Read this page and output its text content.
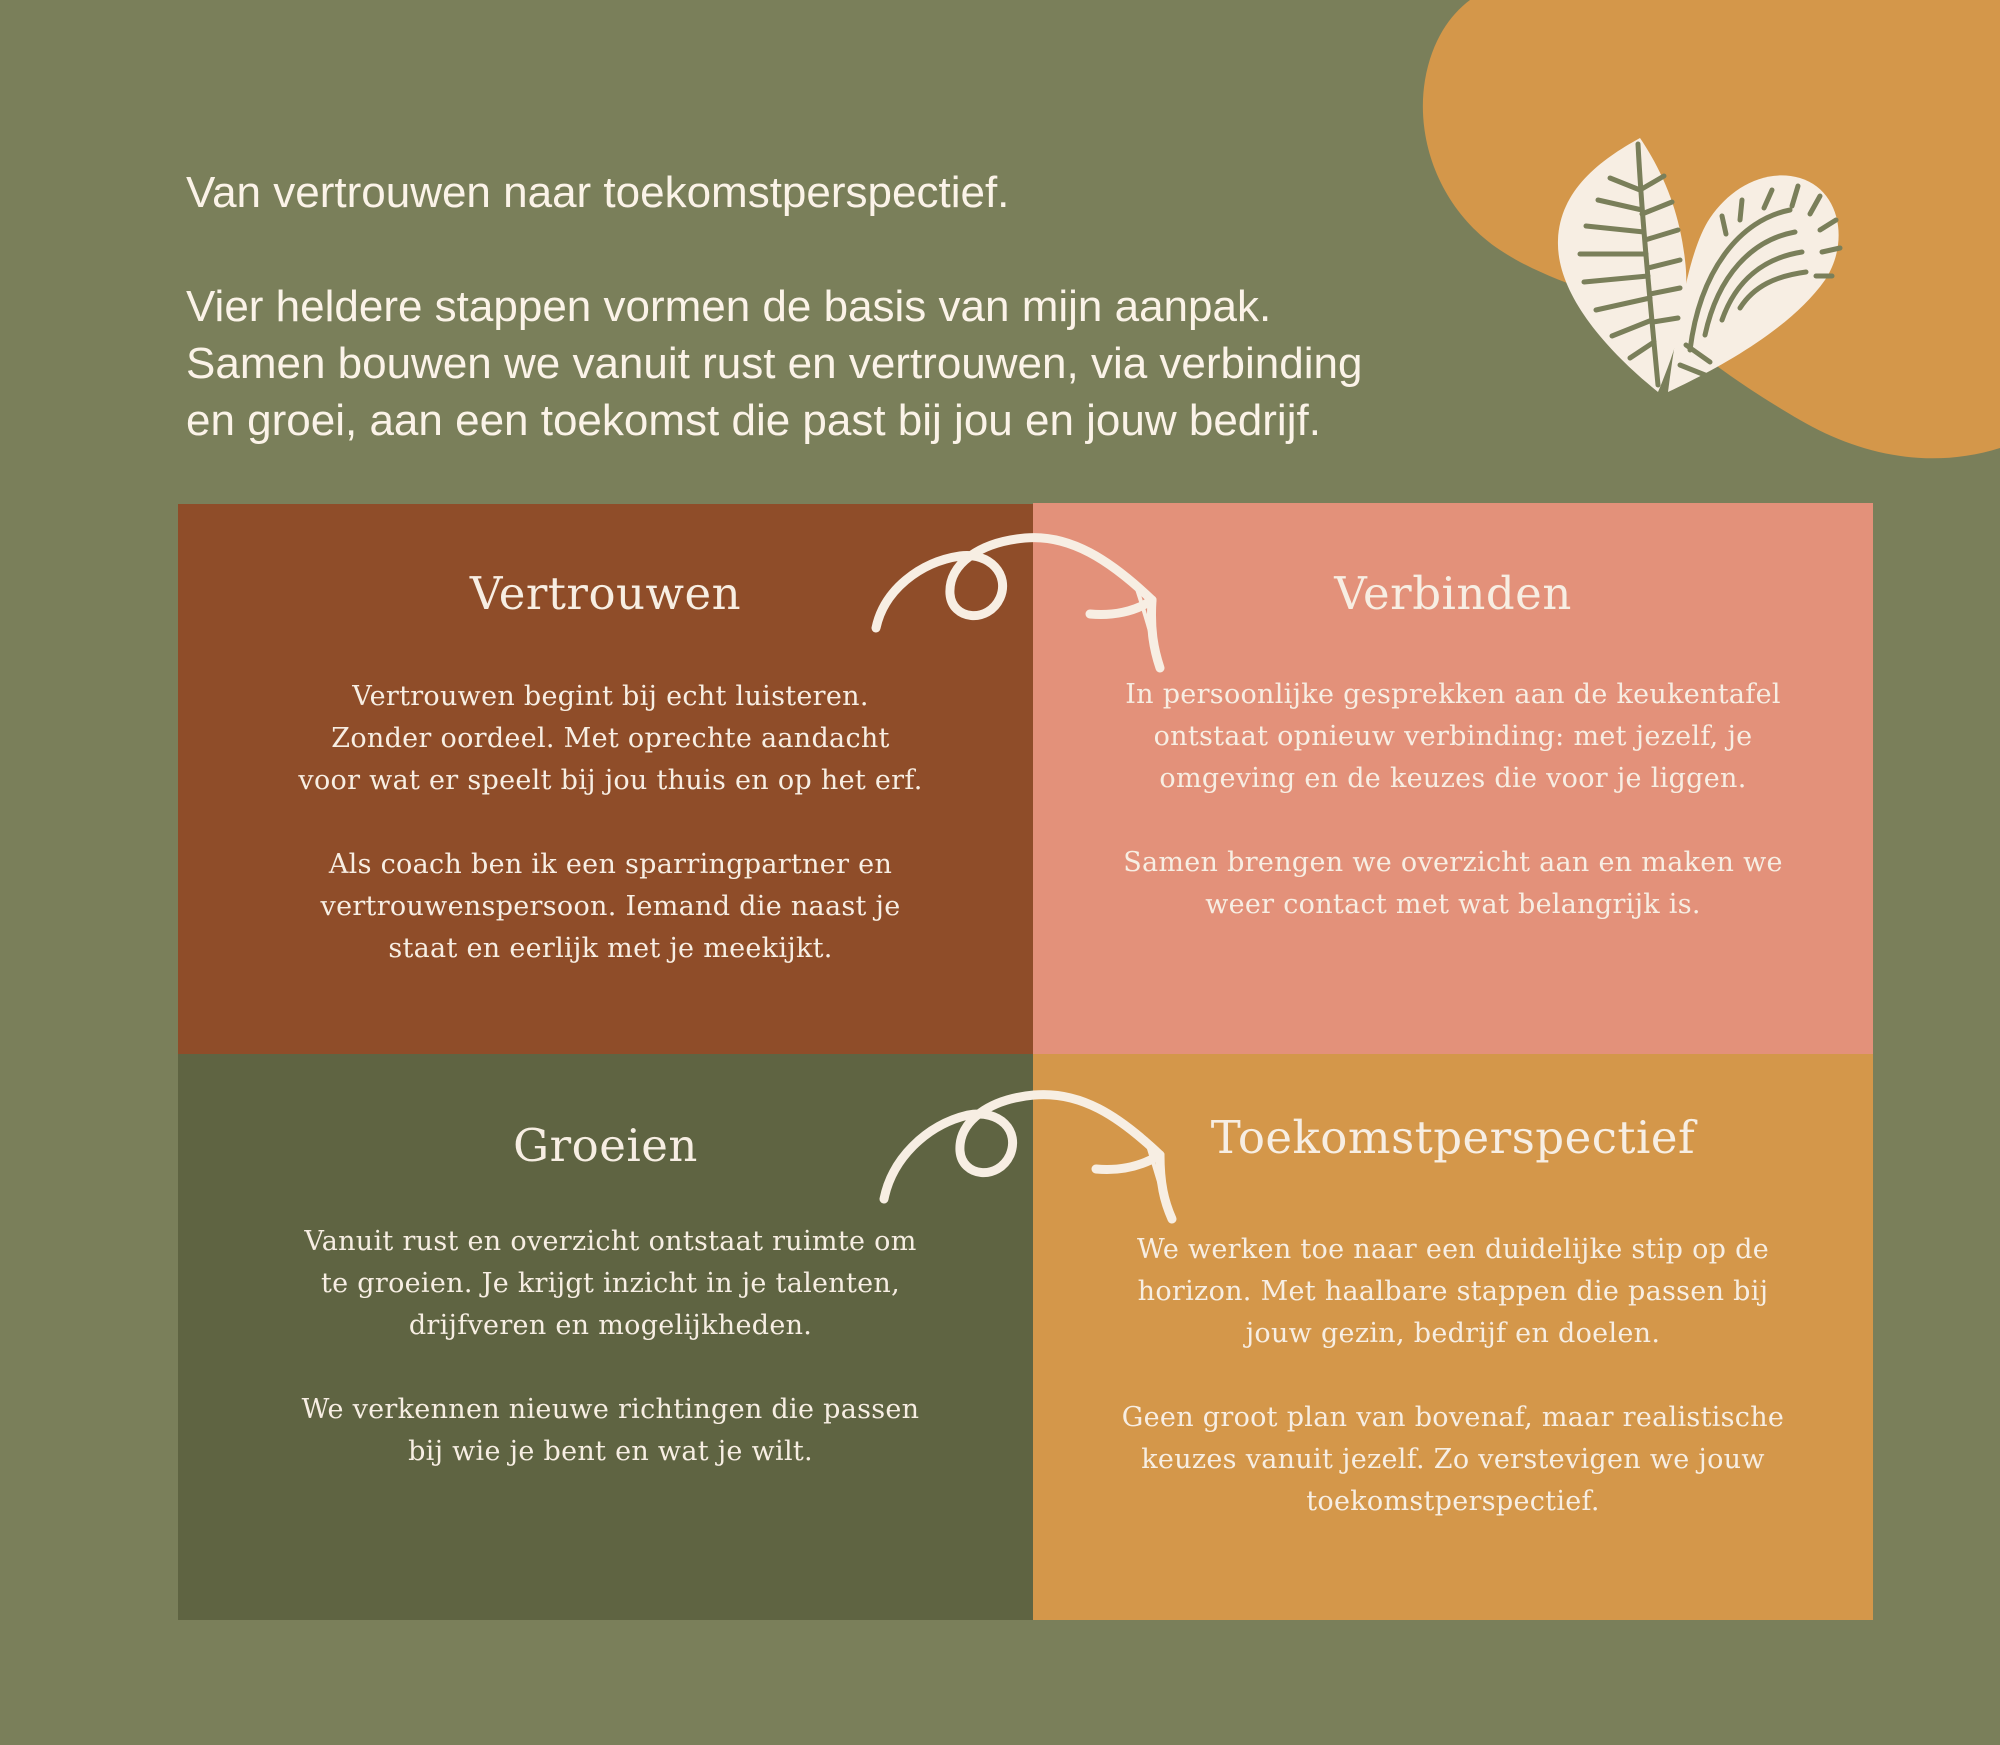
Van vertrouwen naar toekomstperspectief.

Vier heldere stappen vormen de basis van mijn aanpak.

Samen bouwen we vanuit rust en vertrouwen, via verbinding

en groei, aan een toekomst die past bij jou en jouw bedrijf.

Vertrouwen

Vertrouwen begint bij echt luisteren.

Zonder oordeel. Met oprechte aandacht

voor wat er speelt bij jou thuis en op het erf.

Als coach ben ik een sparringpartner en

vertrouwenspersoon. Iemand die naast je

staat en eerlijk met je meekijkt.

Verbinden

In persoonlijke gesprekken aan de keukentafel

ontstaat opnieuw verbinding: met jezelf, je

omgeving en de keuzes die voor je liggen.

Samen brengen we overzicht aan en maken we

weer contact met wat belangrijk is.

Groeien

Vanuit rust en overzicht ontstaat ruimte om

te groeien. Je krijgt inzicht in je talenten,

drijfveren en mogelijkheden.

We verkennen nieuwe richtingen die passen

bij wie je bent en wat je wilt.

Toekomstperspectief

We werken toe naar een duidelijke stip op de

horizon. Met haalbare stappen die passen bij

jouw gezin, bedrijf en doelen.

Geen groot plan van bovenaf, maar realistische

keuzes vanuit jezelf. Zo verstevigen we jouw

toekomstperspectief.
